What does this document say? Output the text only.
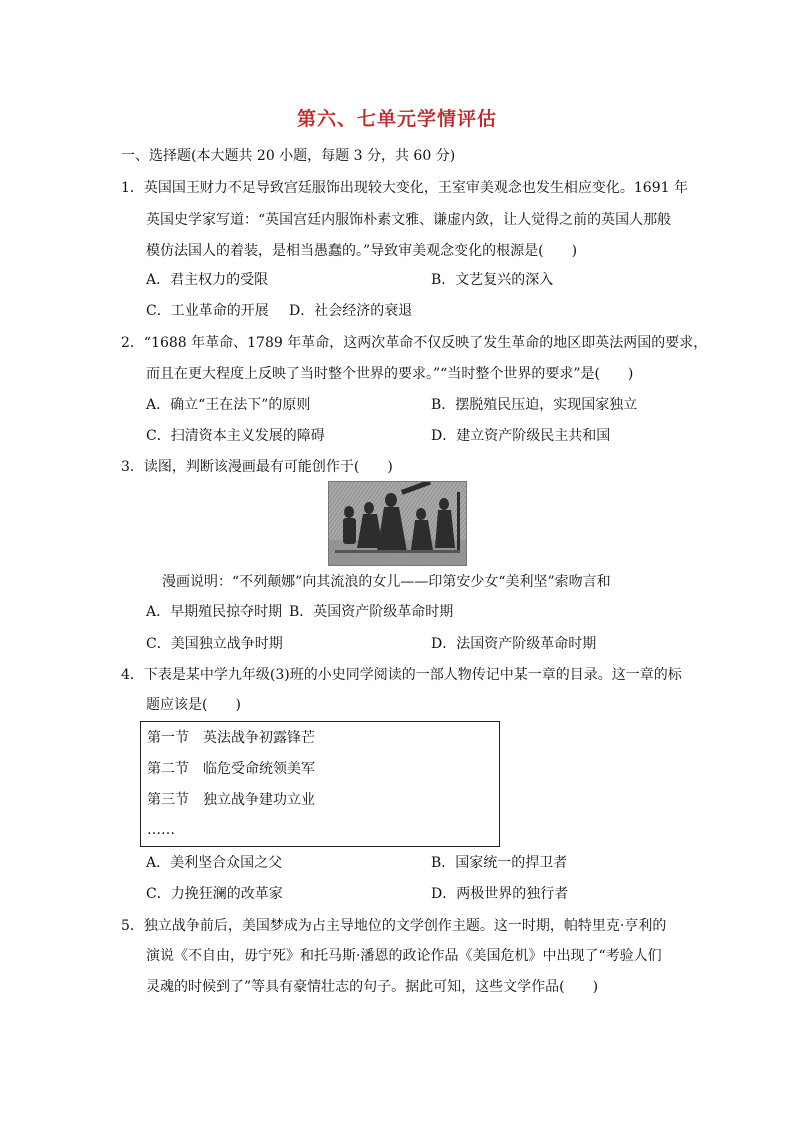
第六、七单元学情评估
一、选择题(本大题共 20 小题，每题 3 分，共 60 分)
1．英国国王财力不足导致宫廷服饰出现较大变化，王室审美观念也发生相应变化。1691 年
英国史学家写道：“英国宫廷内服饰朴素文雅、谦虚内敛，让人觉得之前的英国人那般
模仿法国人的着装，是相当愚蠢的。”导致审美观念变化的根源是(　　)
A．君主权力的受限	B．文艺复兴的深入
C．工业革命的开展 D．社会经济的衰退
2．“1688 年革命、1789 年革命，这两次革命不仅反映了发生革命的地区即英法两国的要求，
而且在更大程度上反映了当时整个世界的要求。”“当时整个世界的要求”是(　　)
A．确立“王在法下”的原则	B．摆脱殖民压迫，实现国家独立
C．扫清资本主义发展的障碍	D．建立资产阶级民主共和国
3．读图，判断该漫画最有可能创作于(　　)
漫画说明：“不列颠娜”向其流浪的女儿——印第安少女“美利坚”索吻言和
A．早期殖民掠夺时期 B．英国资产阶级革命时期
C．美国独立战争时期	D．法国资产阶级革命时期
4．下表是某中学九年级(3)班的小史同学阅读的一部人物传记中某一章的目录。这一章的标
题应该是(　　)
第一节　英法战争初露锋芒
第二节　临危受命统领美军
第三节　独立战争建功立业
……
A．美利坚合众国之父	B．国家统一的捍卫者
C．力挽狂澜的改革家	D．两极世界的独行者
5．独立战争前后，美国梦成为占主导地位的文学创作主题。这一时期，帕特里克·亨利的
演说《不自由，毋宁死》和托马斯·潘恩的政论作品《美国危机》中出现了“考验人们
灵魂的时候到了”等具有豪情壮志的句子。据此可知，这些文学作品(　　)
